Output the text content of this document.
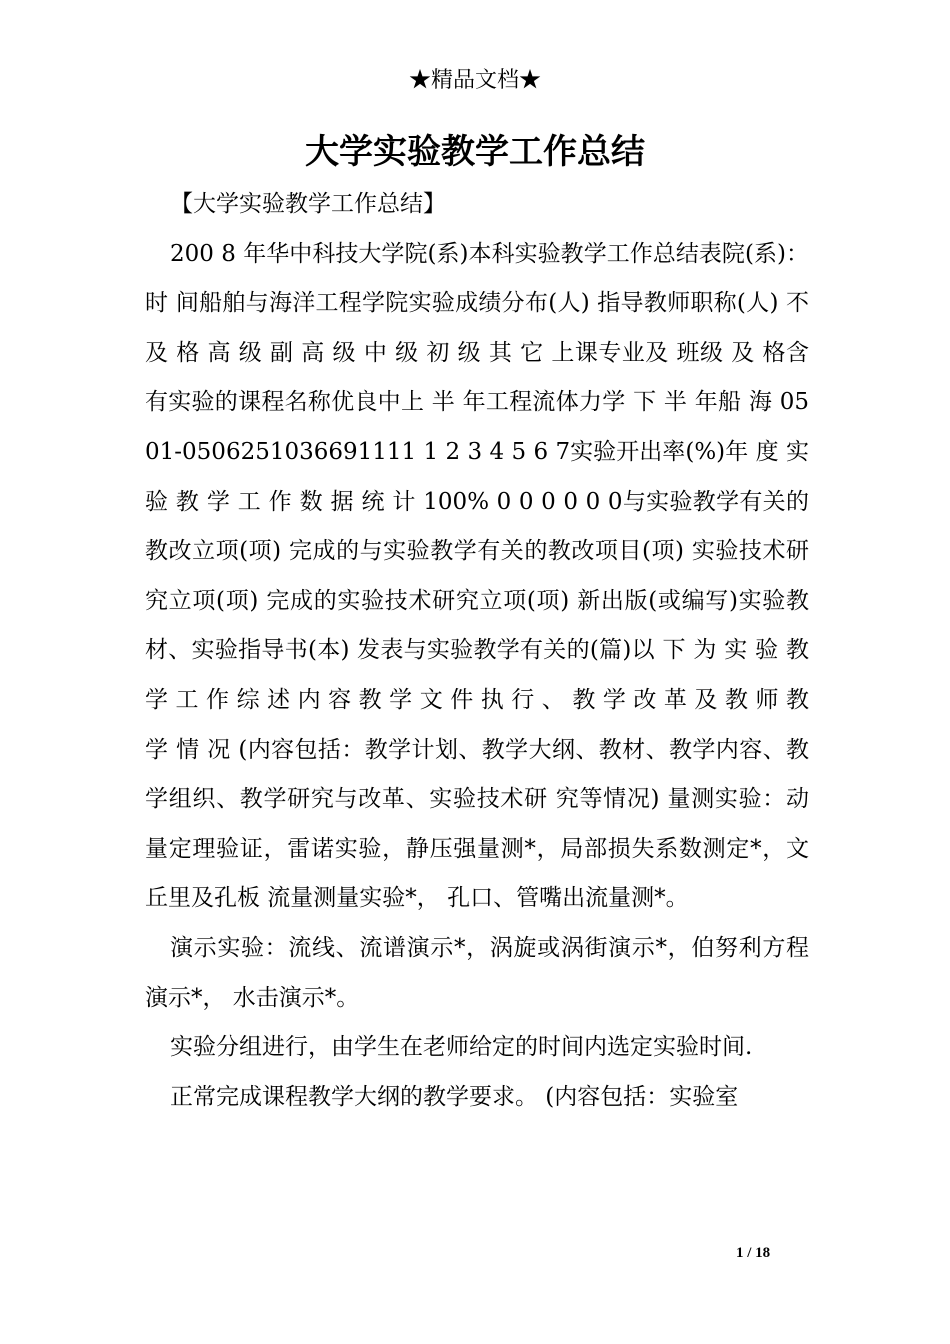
★精品文档★
大学实验教学工作总结

【大学实验教学工作总结】

200 8 年华中科技大学院(系)本科实验教学工作总结表院(系)：时 间船舶与海洋工程学院实验成绩分布(人) 指导教师职称(人) 不 及 格 高 级 副 高 级 中 级 初 级 其 它 上课专业及 班级 及 格含有实验的课程名称优良中上 半 年工程流体力学 下 半 年船 海 0501-0506251036691111 1 2 3 4 5 6 7实验开出率(%)年 度 实 验 教 学 工 作 数 据 统 计 100% 0 0 0 0 0 0与实验教学有关的教改立项(项) 完成的与实验教学有关的教改项目(项) 实验技术研究立项(项) 完成的实验技术研究立项(项) 新出版(或编写)实验教材、实验指导书(本) 发表与实验教学有关的(篇)以 下 为 实 验 教 学 工 作 综 述 内 容 教 学 文 件 执 行 、 教 学 改 革 及 教 师 教 学 情 况 (内容包括：教学计划、教学大纲、教材、教学内容、教学组织、教学研究与改革、实验技术研 究等情况) 量测实验：动量定理验证，雷诺实验，静压强量测*，局部损失系数测定*，文丘里及孔板 流量测量实验*， 孔口、管嘴出流量测*。

演示实验：流线、流谱演示*，涡旋或涡街演示*，伯努利方程演示*， 水击演示*。

实验分组进行，由学生在老师给定的时间内选定实验时间.

正常完成课程教学大纲的教学要求。 (内容包括：实验室

1 / 18
